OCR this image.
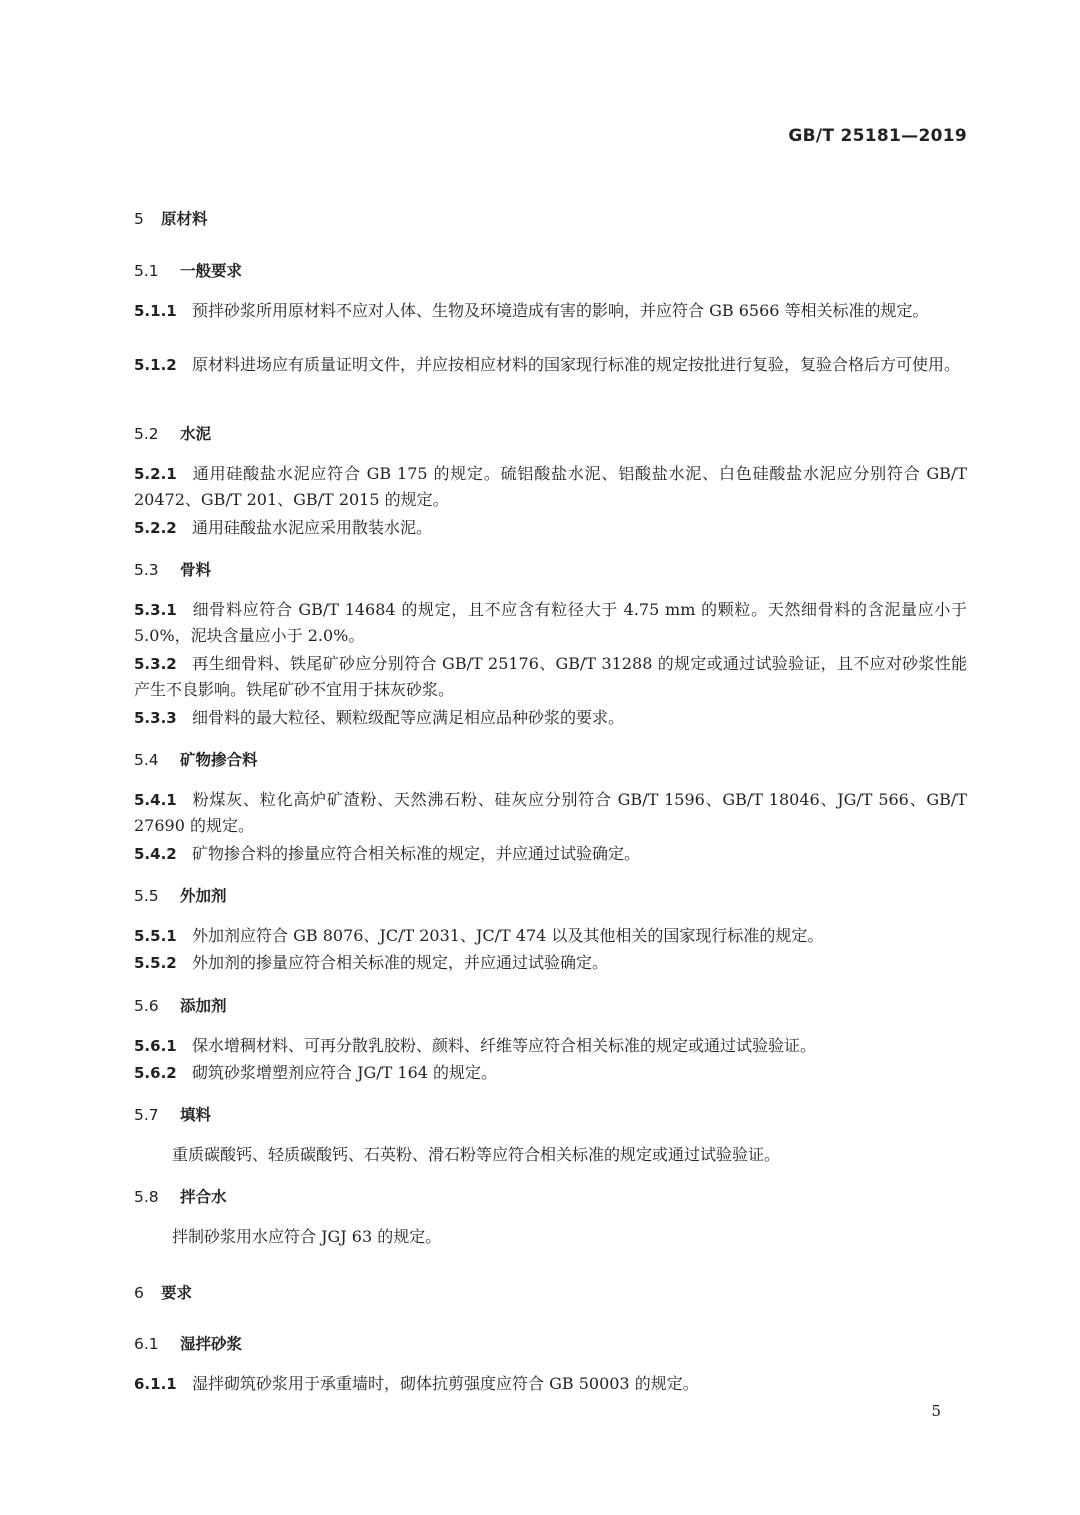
GB/T 25181—2019
5 原材料
5.1 一般要求
5.1.1 预拌砂浆所用原材料不应对人体、生物及环境造成有害的影响，并应符合 GB 6566 等相关标准的规定。
5.1.2 原材料进场应有质量证明文件，并应按相应材料的国家现行标准的规定按批进行复验，复验合格后方可使用。
5.2 水泥
5.2.1 通用硅酸盐水泥应符合 GB 175 的规定。硫铝酸盐水泥、铝酸盐水泥、白色硅酸盐水泥应分别符合 GB/T 20472、GB/T 201、GB/T 2015 的规定。
5.2.2 通用硅酸盐水泥应采用散装水泥。
5.3 骨料
5.3.1 细骨料应符合 GB/T 14684 的规定，且不应含有粒径大于 4.75 mm 的颗粒。天然细骨料的含泥量应小于 5.0%，泥块含量应小于 2.0%。
5.3.2 再生细骨料、铁尾矿砂应分别符合 GB/T 25176、GB/T 31288 的规定或通过试验验证，且不应对砂浆性能产生不良影响。铁尾矿砂不宜用于抹灰砂浆。
5.3.3 细骨料的最大粒径、颗粒级配等应满足相应品种砂浆的要求。
5.4 矿物掺合料
5.4.1 粉煤灰、粒化高炉矿渣粉、天然沸石粉、硅灰应分别符合 GB/T 1596、GB/T 18046、JG/T 566、GB/T 27690 的规定。
5.4.2 矿物掺合料的掺量应符合相关标准的规定，并应通过试验确定。
5.5 外加剂
5.5.1 外加剂应符合 GB 8076、JC/T 2031、JC/T 474 以及其他相关的国家现行标准的规定。
5.5.2 外加剂的掺量应符合相关标准的规定，并应通过试验确定。
5.6 添加剂
5.6.1 保水增稠材料、可再分散乳胶粉、颜料、纤维等应符合相关标准的规定或通过试验验证。
5.6.2 砌筑砂浆增塑剂应符合 JG/T 164 的规定。
5.7 填料
重质碳酸钙、轻质碳酸钙、石英粉、滑石粉等应符合相关标准的规定或通过试验验证。
5.8 拌合水
拌制砂浆用水应符合 JGJ 63 的规定。
6 要求
6.1 湿拌砂浆
6.1.1 湿拌砌筑砂浆用于承重墙时，砌体抗剪强度应符合 GB 50003 的规定。
5
